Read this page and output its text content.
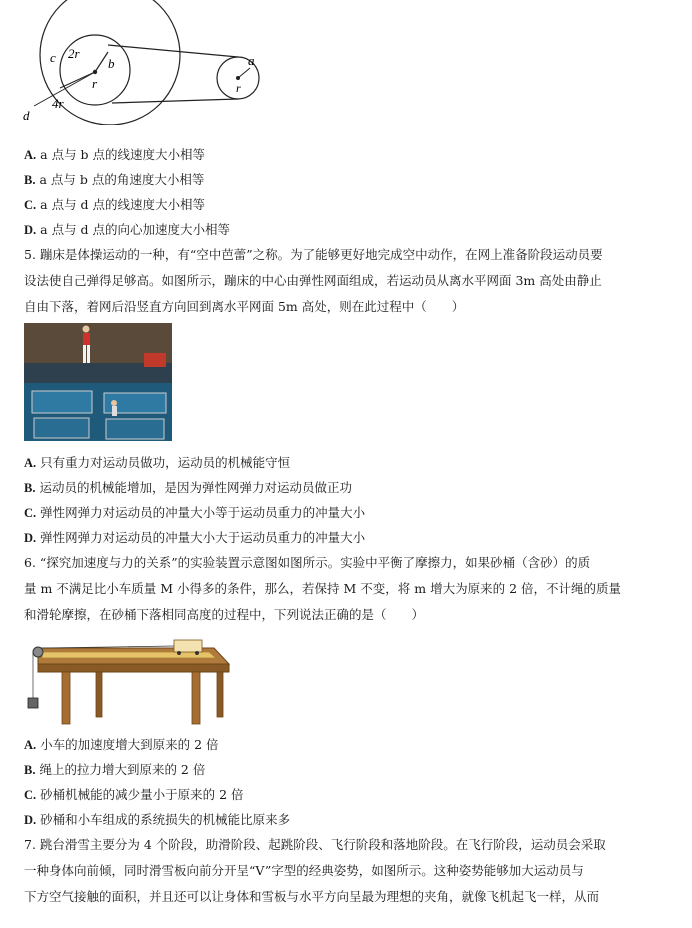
c 2r
b
r
d
4r
a
r
A. a 点与 b 点的线速度大小相等
B. a 点与 b 点的角速度大小相等
C. a 点与 d 点的线速度大小相等
D. a 点与 d 点的向心加速度大小相等
5. 蹦床是体操运动的一种，有“空中芭蕾”之称。为了能够更好地完成空中动作，在网上准备阶段运动员要
设法使自己弹得足够高。如图所示，蹦床的中心由弹性网面组成，若运动员从离水平网面 3m 高处由静止
自由下落，着网后沿竖直方向回到离水平网面 5m 高处，则在此过程中（　　）
A. 只有重力对运动员做功，运动员的机械能守恒
B. 运动员的机械能增加，是因为弹性网弹力对运动员做正功
C. 弹性网弹力对运动员的冲量大小等于运动员重力的冲量大小
D. 弹性网弹力对运动员的冲量大小大于运动员重力的冲量大小
6. “探究加速度与力的关系”的实验装置示意图如图所示。实验中平衡了摩擦力，如果砂桶（含砂）的质
量 m 不满足比小车质量 M 小得多的条件，那么，若保持 M 不变，将 m 增大为原来的 2 倍，不计绳的质量
和滑轮摩擦，在砂桶下落相同高度的过程中，下列说法正确的是（　　）
A. 小车的加速度增大到原来的 2 倍
B. 绳上的拉力增大到原来的 2 倍
C. 砂桶机械能的减少量小于原来的 2 倍
D. 砂桶和小车组成的系统损失的机械能比原来多
7. 跳台滑雪主要分为 4 个阶段，助滑阶段、起跳阶段、飞行阶段和落地阶段。在飞行阶段，运动员会采取
一种身体向前倾，同时滑雪板向前分开呈“V”字型的经典姿势，如图所示。这种姿势能够加大运动员与
下方空气接触的面积，并且还可以让身体和雪板与水平方向呈最为理想的夹角，就像飞机起飞一样，从而
